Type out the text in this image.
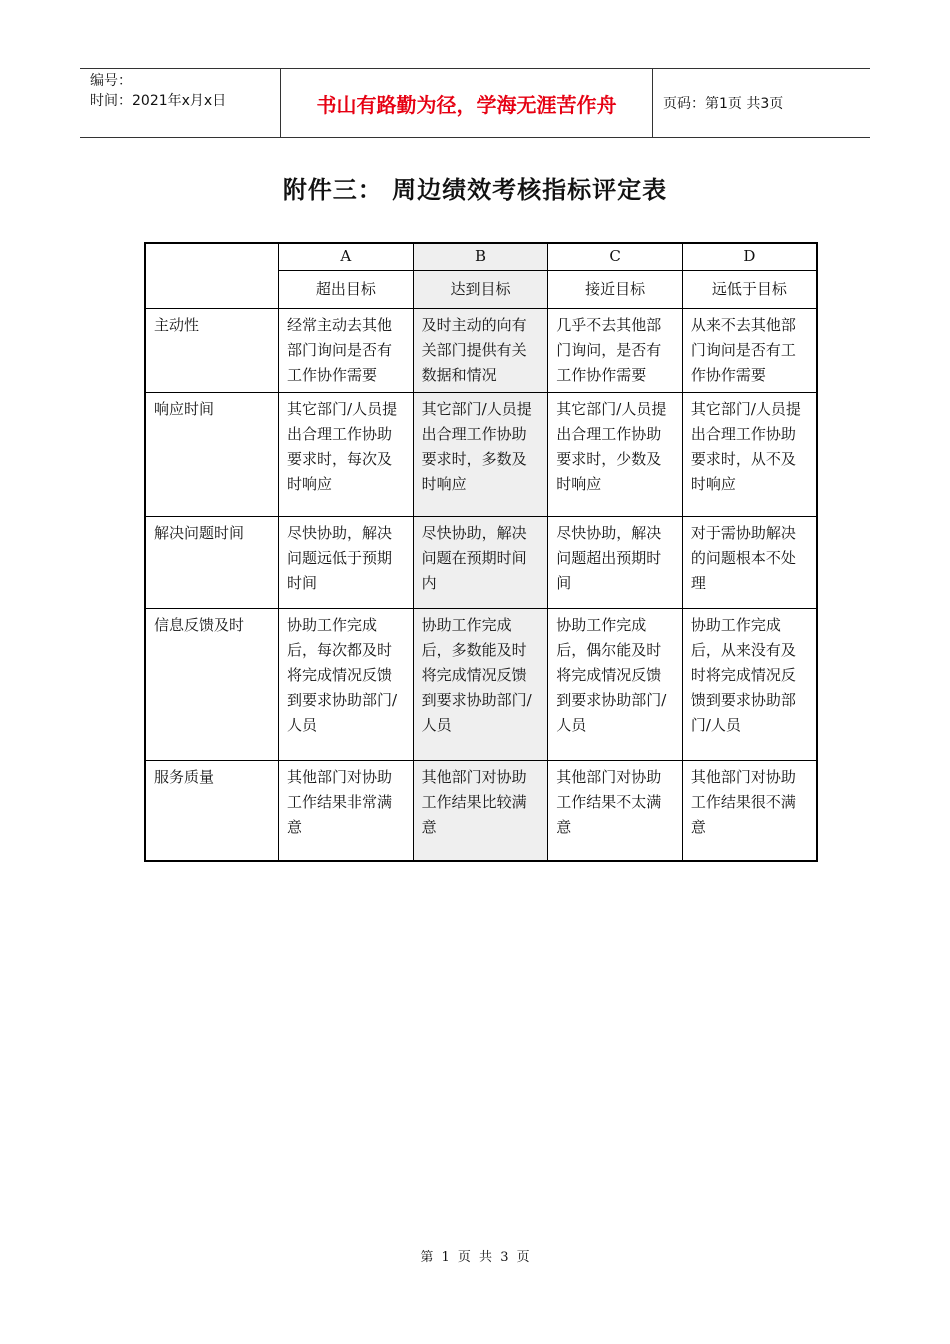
编号：
时间：2021年x月x日	书山有路勤为径，学海无涯苦作舟	页码：第1页 共3页
附件三： 周边绩效考核指标评定表
	A	B	C	D
	超出目标	达到目标	接近目标	远低于目标
主动性	经常主动去其他部门询问是否有工作协作需要	及时主动的向有关部门提供有关数据和情况	几乎不去其他部门询问，是否有工作协作需要	从来不去其他部门询问是否有工作协作需要
响应时间	其它部门/人员提出合理工作协助要求时，每次及时响应	其它部门/人员提出合理工作协助要求时，多数及时响应	其它部门/人员提出合理工作协助要求时，少数及时响应	其它部门/人员提出合理工作协助要求时，从不及时响应
解决问题时间	尽快协助，解决问题远低于预期时间	尽快协助，解决问题在预期时间内	尽快协助，解决问题超出预期时间	对于需协助解决的问题根本不处理
信息反馈及时	协助工作完成后，每次都及时将完成情况反馈到要求协助部门/人员	协助工作完成后，多数能及时将完成情况反馈到要求协助部门/人员	协助工作完成后，偶尔能及时将完成情况反馈到要求协助部门/人员	协助工作完成后，从来没有及时将完成情况反馈到要求协助部门/人员
服务质量	其他部门对协助工作结果非常满意	其他部门对协助工作结果比较满意	其他部门对协助工作结果不太满意	其他部门对协助工作结果很不满意
第 1 页 共 3 页
